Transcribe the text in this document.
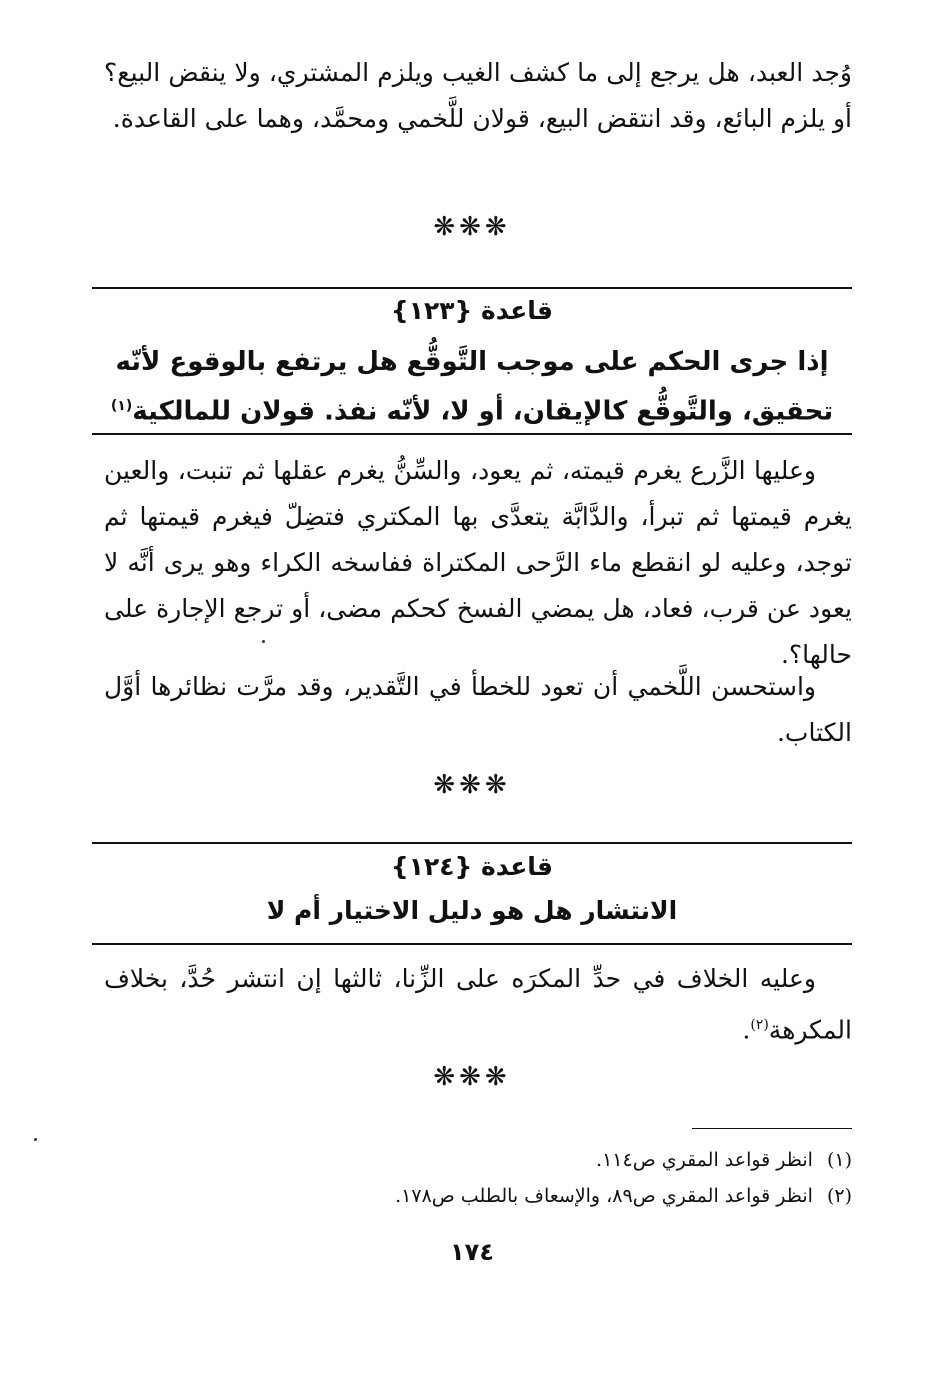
وُجد العبد، هل يرجع إلى ما كشف الغيب ويلزم المشتري، ولا ينقض البيع؟ أو يلزم البائع، وقد انتقض البيع، قولان للَّخمي ومحمَّد، وهما على القاعدة.

❋❋❋
قاعدة {١٢٣}
إذا جرى الحكم على موجب التَّوقُّع هل يرتفع بالوقوع لأنّه تحقيق، والتَّوقُّع كالإيقان، أو لا، لأنّه نفذ. قولان للمالكية$^{(١)}$

وعليها الزَّرع يغرم قيمته، ثم يعود، والسِّنُّ يغرم عقلها ثم تنبت، والعين يغرم قيمتها ثم تبرأ، والدَّابَّة يتعدَّى بها المكتري فتضِلّ فيغرم قيمتها ثم توجد، وعليه لو انقطع ماء الرَّحى المكتراة ففاسخه الكراء وهو يرى أنَّه لا يعود عن قرب، فعاد، هل يمضي الفسخ كحكم مضى، أو ترجع الإجارة على حالها؟.

واستحسن اللَّخمي أن تعود للخطأ في التَّقدير، وقد مرَّت نظائرها أوَّل الكتاب.

❋❋❋
قاعدة {١٢٤}
الانتشار هل هو دليل الاختيار أم لا

وعليه الخلاف في حدِّ المكرَه على الزِّنا، ثالثها إن انتشر حُدَّ، بخلاف المكرهة$^{(٢)}$.

❋❋❋
(١)انظر قواعد المقري ص١١٤.
(٢)انظر قواعد المقري ص٨٩، والإسعاف بالطلب ص١٧٨.
١٧٤
